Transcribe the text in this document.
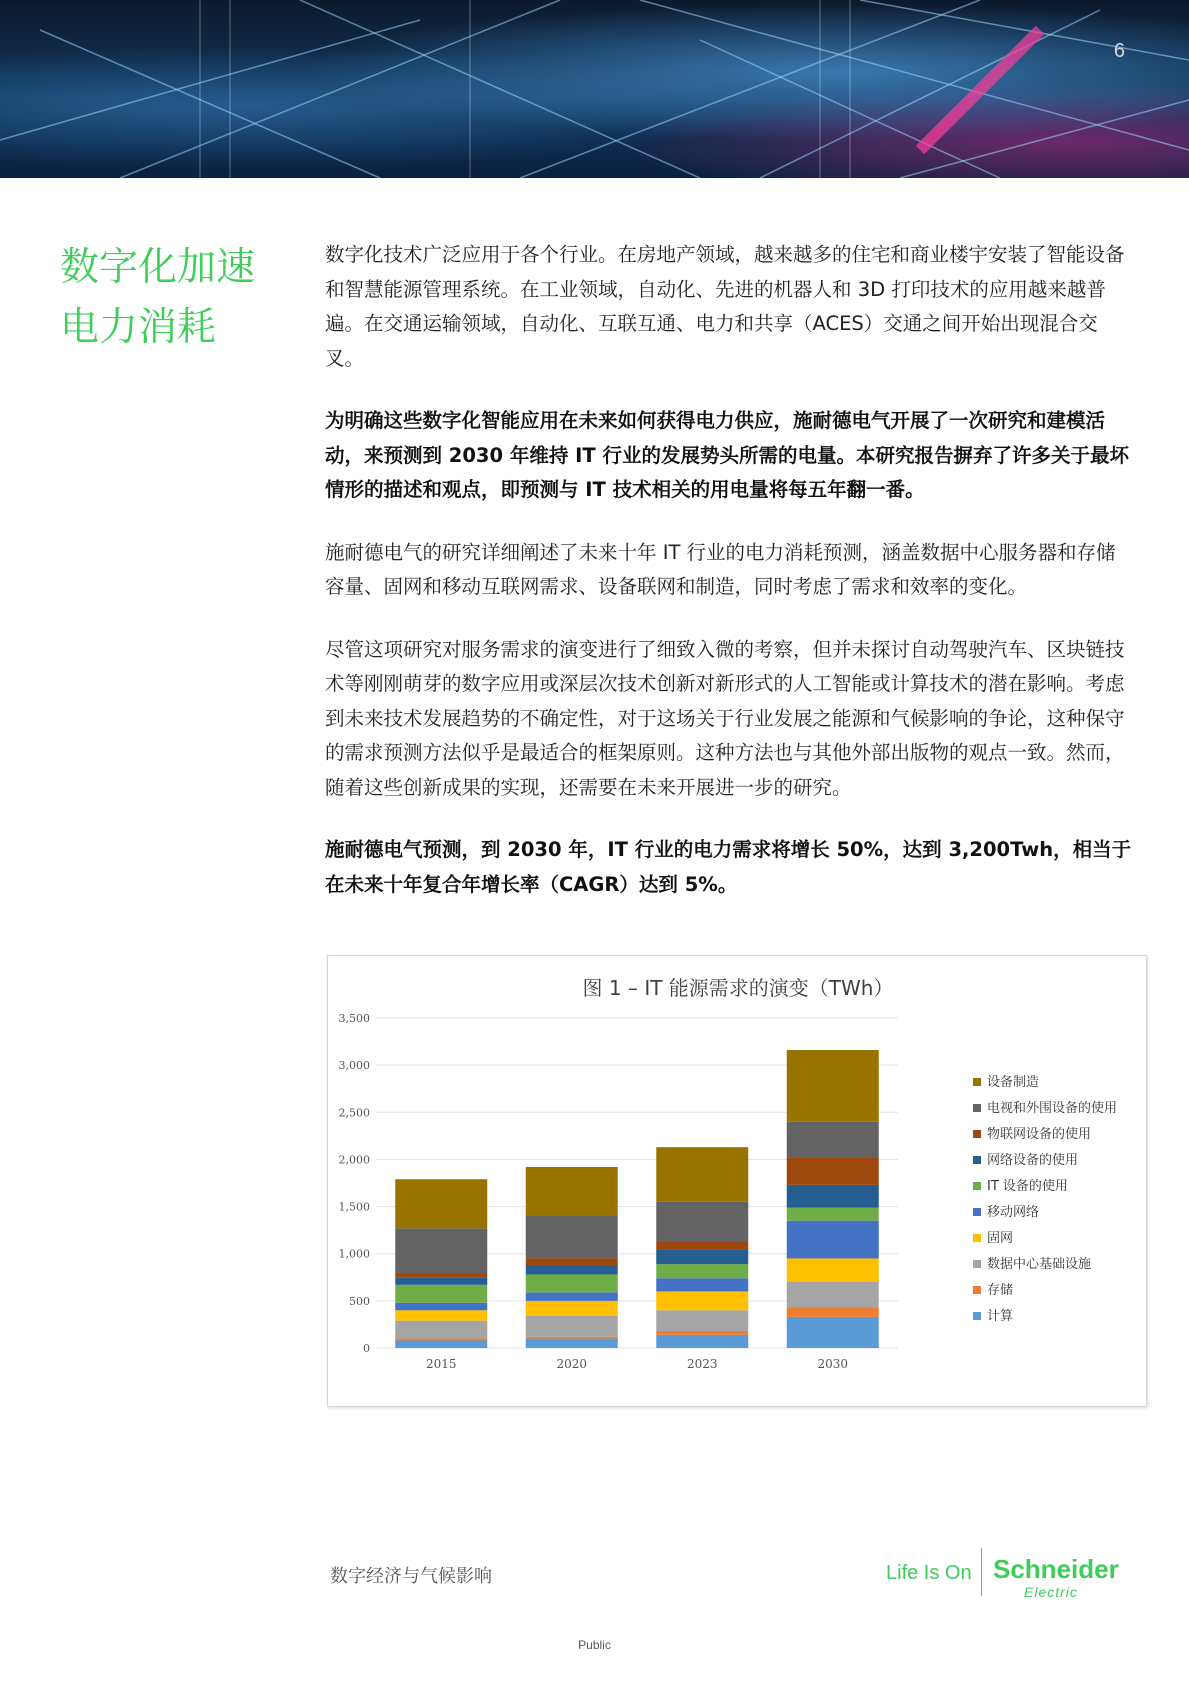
6
数字化加速
电力消耗

数字化技术广泛应用于各个行业。在房地产领域，越来越多的住宅和商业楼宇安装了智能设备和智慧能源管理系统。在工业领域，自动化、先进的机器人和 3D 打印技术的应用越来越普遍。在交通运输领域，自动化、互联互通、电力和共享（ACES）交通之间开始出现混合交叉。

为明确这些数字化智能应用在未来如何获得电力供应，施耐德电气开展了一次研究和建模活动，来预测到 2030 年维持 IT 行业的发展势头所需的电量。本研究报告摒弃了许多关于最坏情形的描述和观点，即预测与 IT 技术相关的用电量将每五年翻一番。

施耐德电气的研究详细阐述了未来十年 IT 行业的电力消耗预测，涵盖数据中心服务器和存储容量、固网和移动互联网需求、设备联网和制造，同时考虑了需求和效率的变化。

尽管这项研究对服务需求的演变进行了细致入微的考察，但并未探讨自动驾驶汽车、区块链技术等刚刚萌芽的数字应用或深层次技术创新对新形式的人工智能或计算技术的潜在影响。考虑到未来技术发展趋势的不确定性，对于这场关于行业发展之能源和气候影响的争论，这种保守的需求预测方法似乎是最适合的框架原则。这种方法也与其他外部出版物的观点一致。然而，随着这些创新成果的实现，还需要在未来开展进一步的研究。

施耐德电气预测，到 2030 年，IT 行业的电力需求将增长 50%，达到 3,200Twh，相当于在未来十年复合年增长率（CAGR）达到 5%。

图 1 – IT 能源需求的演变（TWh）
0
500
1,000
1,500
2,000
2,500
3,000
3,500
2015	2020	2023	2030
设备制造
电视和外围设备的使用
物联网设备的使用
网络设备的使用
IT 设备的使用
移动网络
固网
数据中心基础设施
存储
计算
数字经济与气候影响	Life Is On Schneider
Electric
Public
